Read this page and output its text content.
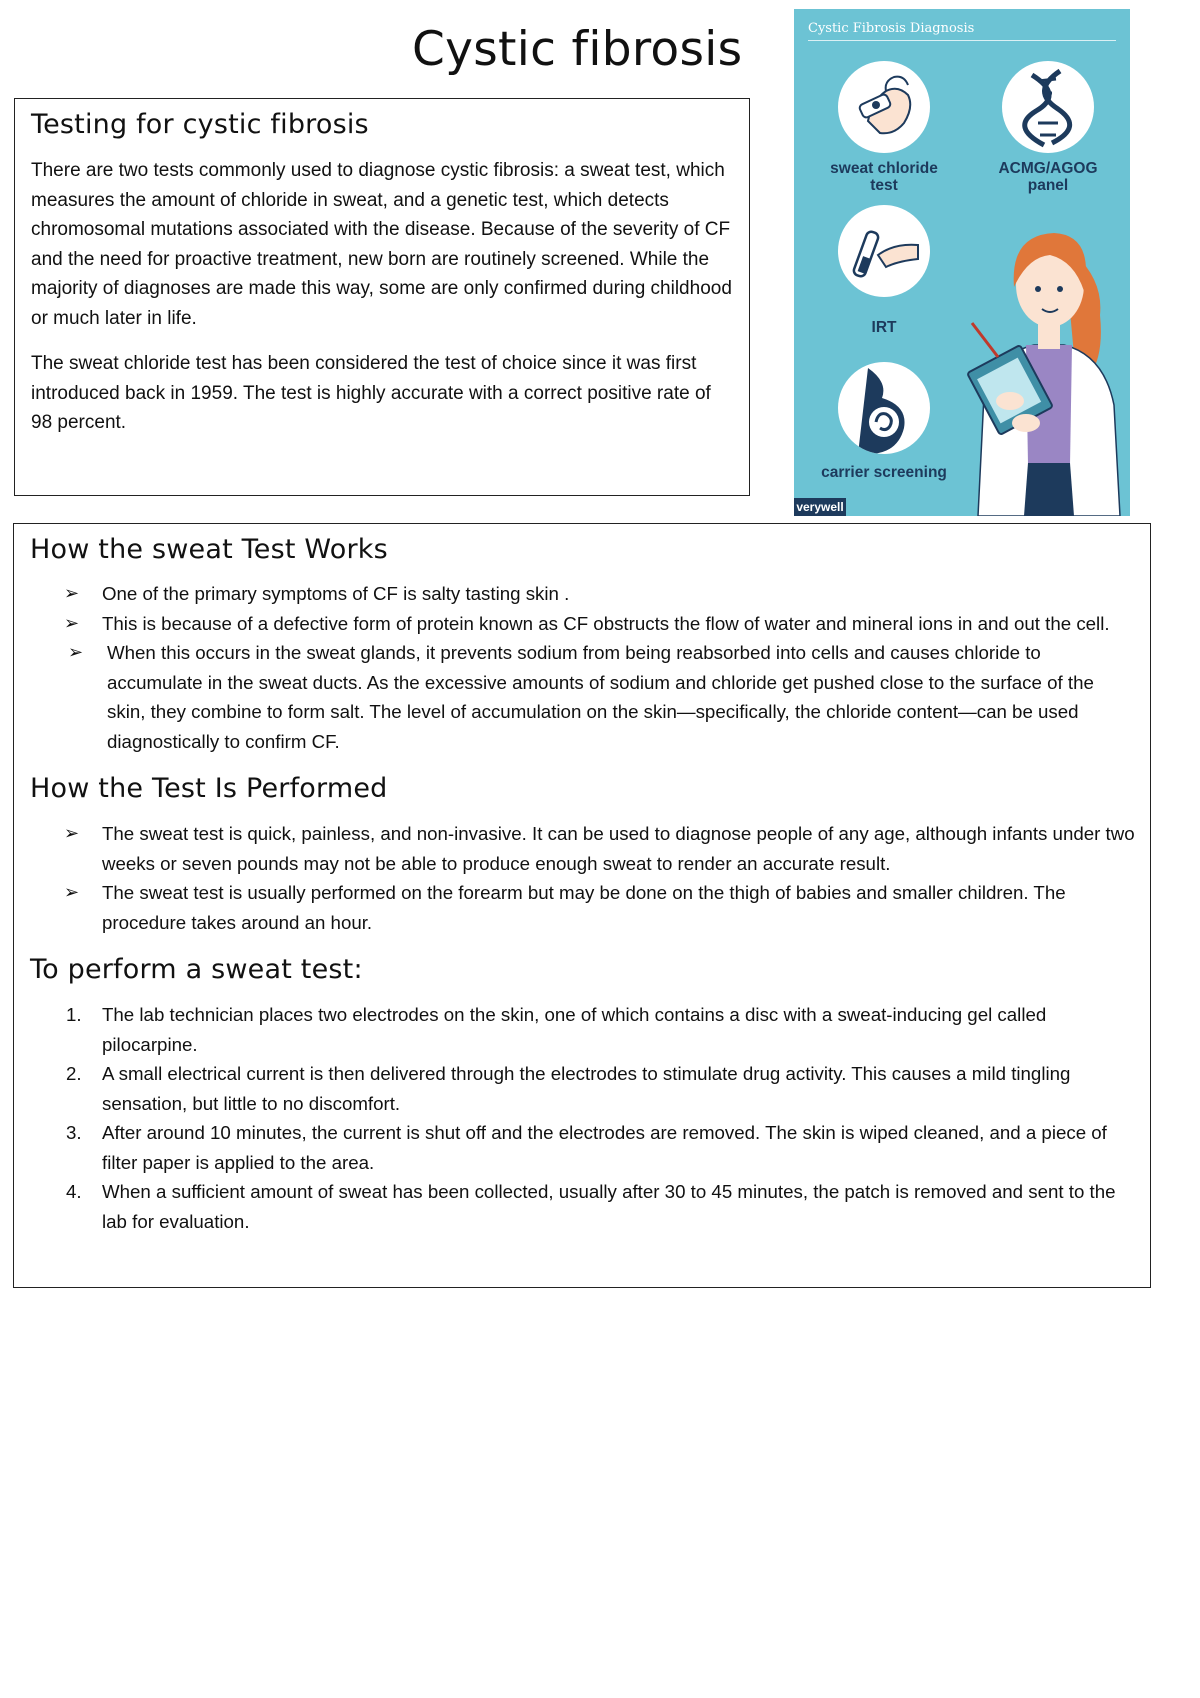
Cystic fibrosis
Testing for cystic fibrosis

There are two tests commonly used to diagnose cystic fibrosis: a sweat test, which measures the amount of chloride in sweat, and a genetic test, which detects chromosomal mutations associated with the disease. Because of the severity of CF and the need for proactive treatment, new born are routinely screened. While the majority of diagnoses are made this way, some are only confirmed during childhood or much later in life.

The sweat chloride test has been considered the test of choice since it was first introduced back in 1959. The test is highly accurate with a correct positive rate of 98 percent.

Cystic Fibrosis Diagnosis
sweat chloride
test
ACMG/AGOG
panel
IRT
carrier screening
verywell
How the sweat Test Works
➢ One of the primary symptoms of CF is salty tasting skin .
➢ This is because of a defective form of protein known as CF obstructs the flow of water and mineral ions in and out the cell.
➢ When this occurs in the sweat glands, it prevents sodium from being reabsorbed into cells and causes chloride to accumulate in the sweat ducts. As the excessive amounts of sodium and chloride get pushed close to the surface of the skin, they combine to form salt. The level of accumulation on the skin—specifically, the chloride content—can be used diagnostically to confirm CF.
How the Test Is Performed
➢ The sweat test is quick, painless, and non-invasive. It can be used to diagnose people of any age, although infants under two weeks or seven pounds may not be able to produce enough sweat to render an accurate result.
➢ The sweat test is usually performed on the forearm but may be done on the thigh of babies and smaller children. The procedure takes around an hour.
To perform a sweat test:
1. The lab technician places two electrodes on the skin, one of which contains a disc with a sweat-inducing gel called pilocarpine.
2. A small electrical current is then delivered through the electrodes to stimulate drug activity. This causes a mild tingling sensation, but little to no discomfort.
3. After around 10 minutes, the current is shut off and the electrodes are removed. The skin is wiped cleaned, and a piece of filter paper is applied to the area.
4. When a sufficient amount of sweat has been collected, usually after 30 to 45 minutes, the patch is removed and sent to the lab for evaluation.
